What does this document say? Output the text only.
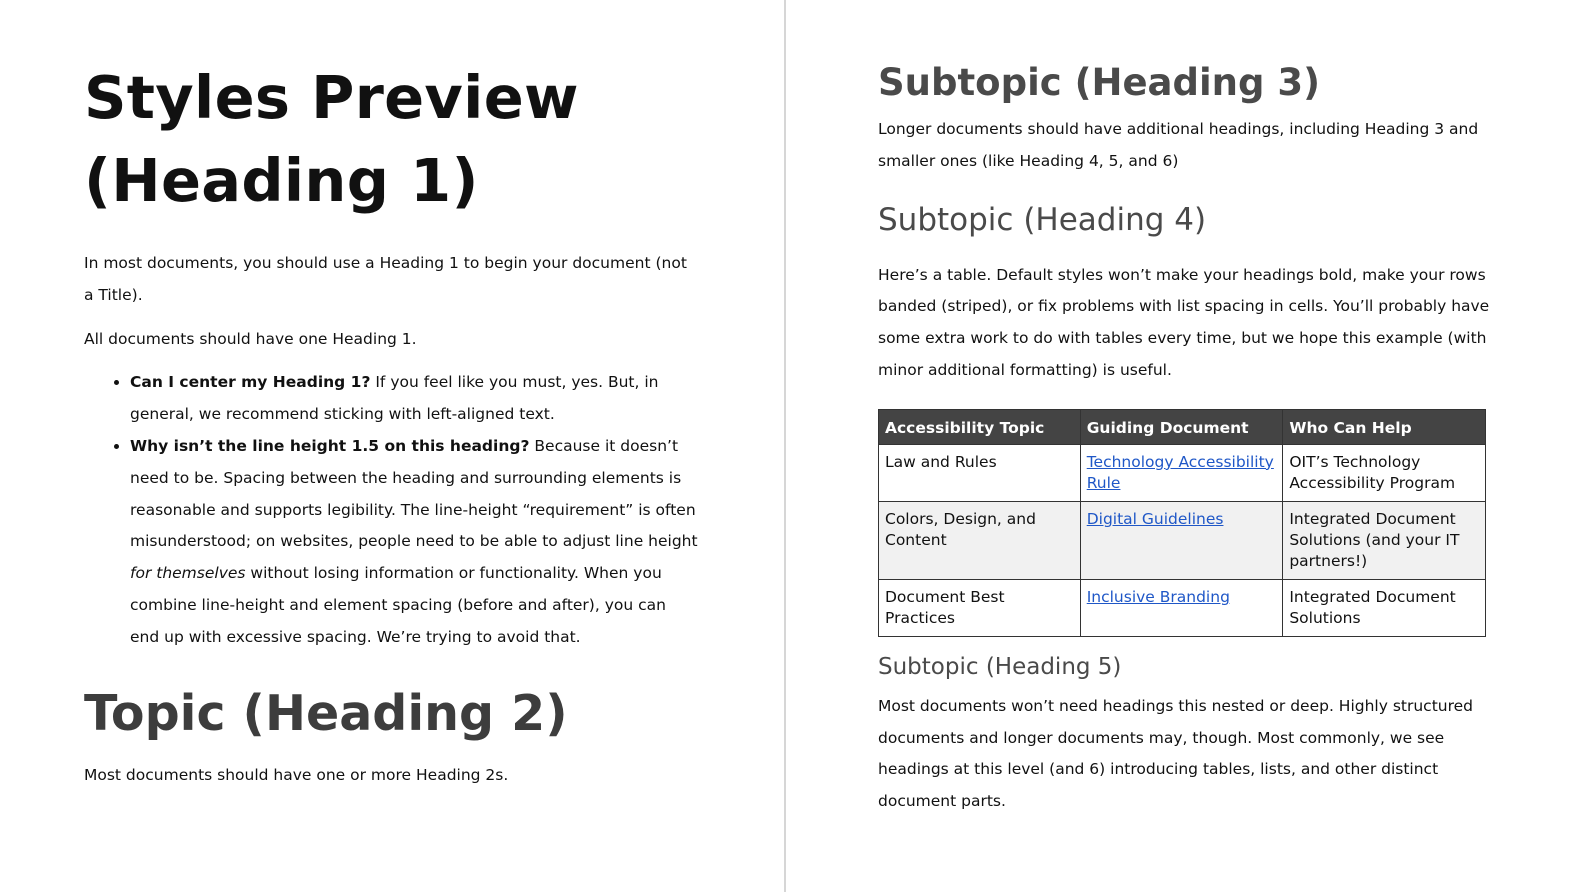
Styles Preview (Heading 1)

In most documents, you should use a Heading 1 to begin your document (not a Title).

All documents should have one Heading 1.

• Can I center my Heading 1? If you feel like you must, yes. But, in general, we recommend sticking with left-aligned text.
• Why isn’t the line height 1.5 on this heading? Because it doesn’t need to be. Spacing between the heading and surrounding elements is reasonable and supports legibility. The line-height “requirement” is often misunderstood; on websites, people need to be able to adjust line height for themselves without losing information or functionality. When you combine line-height and element spacing (before and after), you can end up with excessive spacing. We’re trying to avoid that.
Topic (Heading 2)

Most documents should have one or more Heading 2s.

Subtopic (Heading 3)

Longer documents should have additional headings, including Heading 3 and smaller ones (like Heading 4, 5, and 6)

Subtopic (Heading 4)

Here’s a table. Default styles won’t make your headings bold, make your rows banded (striped), or fix problems with list spacing in cells. You’ll probably have some extra work to do with tables every time, but we hope this example (with minor additional formatting) is useful.

Accessibility Topic	Guiding Document	Who Can Help
Law and Rules	Technology Accessibility Rule	OIT’s Technology Accessibility Program
Colors, Design, and Content	Digital Guidelines	Integrated Document Solutions (and your IT partners!)
Document Best Practices	Inclusive Branding	Integrated Document Solutions
Subtopic (Heading 5)

Most documents won’t need headings this nested or deep. Highly structured documents and longer documents may, though. Most commonly, we see headings at this level (and 6) introducing tables, lists, and other distinct document parts.
